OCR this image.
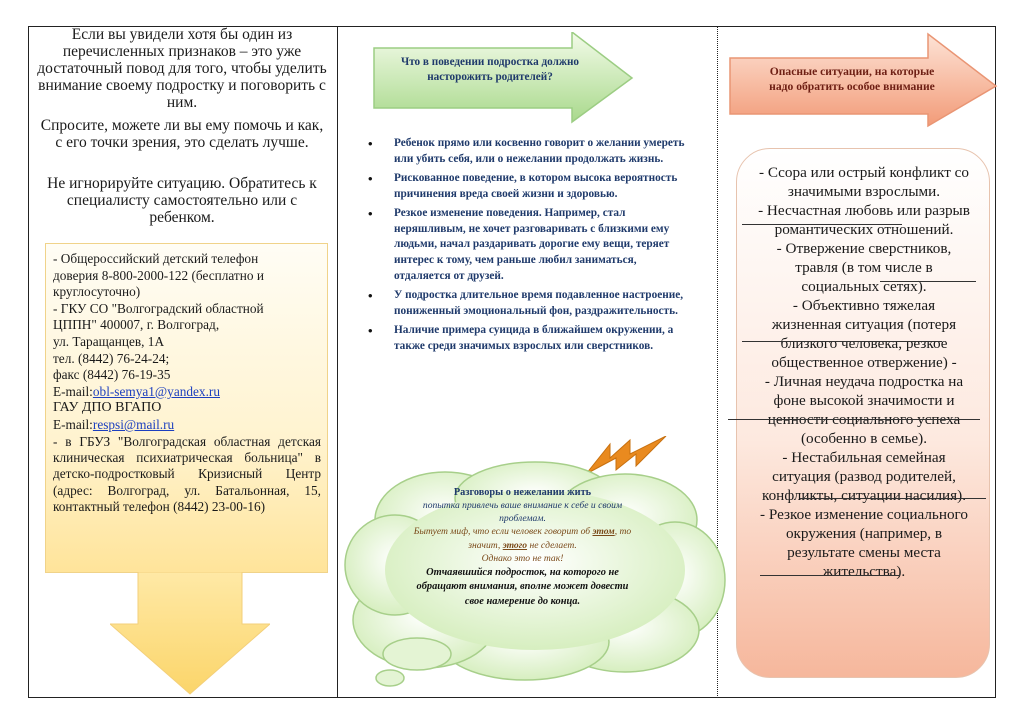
Если вы увидели хотя бы один из перечисленных признаков – это уже достаточный повод для того, чтобы уделить внимание своему подростку и поговорить с ним.

Спросите, можете ли вы ему помочь и как, с его точки зрения, это сделать лучше.

Не игнорируйте ситуацию. Обратитесь к специалисту самостоятельно или с ребенком.

- Общероссийский детский телефон
доверия 8-800-2000-122 (бесплатно и
круглосуточно)
- ГКУ СО "Волгоградский областной
ЦППН" 400007, г. Волгоград,
ул. Таращанцев, 1А
тел. (8442) 76-24-24;
факс (8442) 76-19-35
E-mail:obl-semya1@yandex.ru
ГАУ ДПО ВГАПО
E-mail:respsi@mail.ru
- в ГБУЗ "Волгоградская областная детская клиническая психиатрическая больница" в детско-подростковый Кризисный Центр (адрес: Волгоград, ул. Батальонная, 15, контактный телефон (8442) 23-00-16)

Что в поведении подростка должно насторожить родителей?

• Ребенок прямо или косвенно говорит о желании умереть или убить себя, или о нежелании продолжать жизнь.
• Рискованное поведение, в котором высока вероятность причинения вреда своей жизни и здоровью.
• Резкое изменение поведения. Например, стал неряшливым, не хочет разговаривать с близкими ему людьми, начал раздаривать дорогие ему вещи, теряет интерес к тому, чем раньше любил заниматься, отдаляется от друзей.
• У подростка длительное время подавленное настроение, пониженный эмоциональный фон, раздражительность.
• Наличие примера суицида в ближайшем окружении, а также среди значимых взрослых или сверстников.

Разговоры о нежелании жить

попытка привлечь ваше внимание к себе и своим проблемам.

Бытует миф, что если человек говорит об этом, то значит, этого не сделает.

Однако это не так!

Отчаявшийся подросток, на которого не обращают внимания, вполне может довести свое намерение до конца.

Опасные ситуации, на которые надо обратить особое внимание

- Ссора или острый конфликт со значимыми взрослыми.

- Несчастная любовь или разрыв романтических отношений.

- Отвержение сверстников, травля (в том числе в социальных сетях).

- Объективно тяжелая жизненная ситуация (потеря близкого человека, резкое общественное отвержение) -

- Личная неудача подростка на фоне высокой значимости и ценности социального успеха (особенно в семье).

- Нестабильная семейная ситуация (развод родителей, конфликты, ситуации насилия).

- Резкое изменение социального окружения (например, в результате смены места жительства).
